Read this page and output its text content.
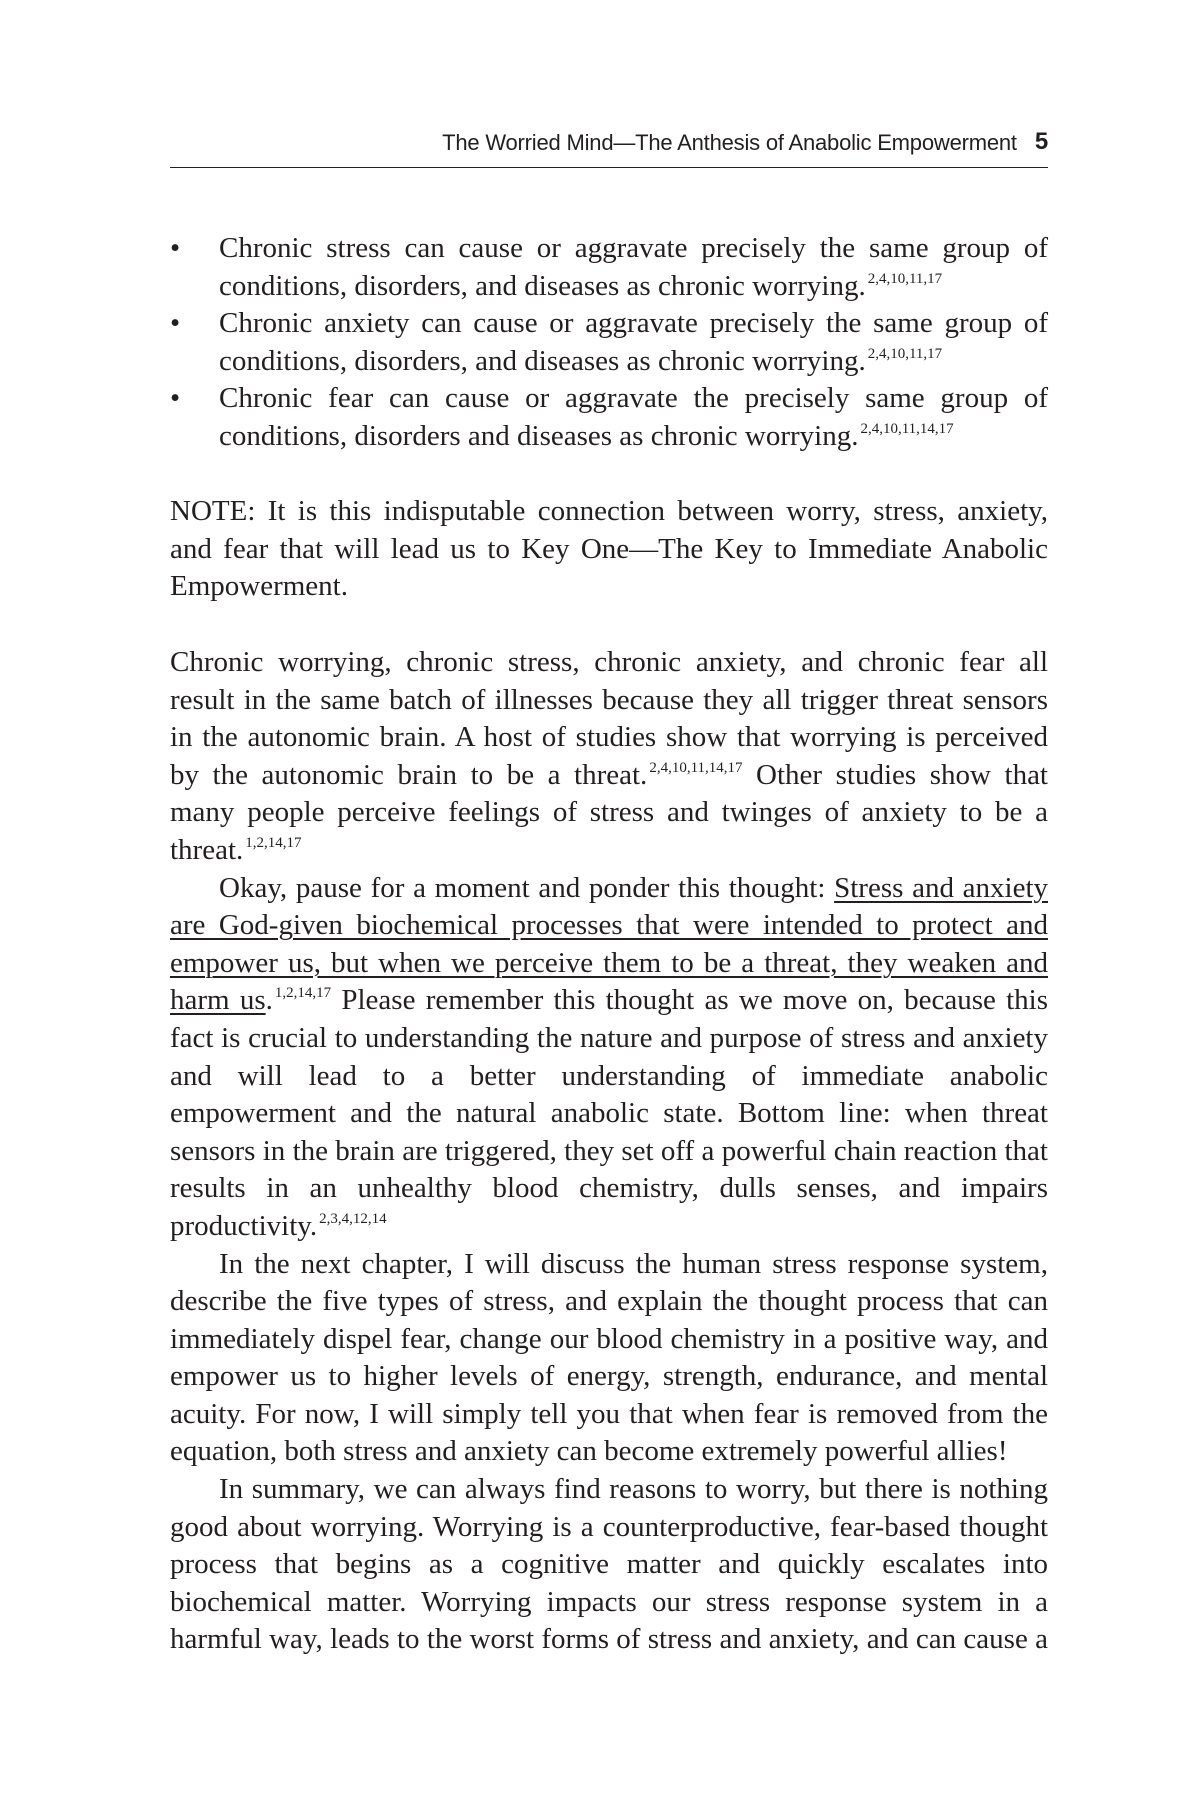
The Worried Mind—The Anthesis of Anabolic Empowerment 5
•	Chronic stress can cause or aggravate precisely the same group of conditions, disorders, and diseases as chronic worrying. $^{2,4,10,11,17}$
•	Chronic anxiety can cause or aggravate precisely the same group of conditions, disorders, and diseases as chronic worrying. $^{2,4,10,11,17}$
•	Chronic fear can cause or aggravate the precisely same group of conditions, disorders and diseases as chronic worrying. $^{2,4,10,11,14,17}$

NOTE: It is this indisputable connection between worry, stress, anxiety, and fear that will lead us to Key One—The Key to Immediate Anabolic Empowerment.

Chronic worrying, chronic stress, chronic anxiety, and chronic fear all result in the same batch of illnesses because they all trigger threat sensors in the autonomic brain. A host of studies show that worrying is perceived by the autonomic brain to be a threat. $^{2,4,10,11,14,17}$ Other studies show that many people perceive feelings of stress and twinges of anxiety to be a threat. $^{1,2,14,17}$

Okay, pause for a moment and ponder this thought: Stress and anxiety are God-given biochemical processes that were intended to protect and empower us, but when we perceive them to be a threat, they weaken and harm us. $^{1,2,14,17}$ Please remember this thought as we move on, because this fact is crucial to understanding the nature and purpose of stress and anxiety and will lead to a better understanding of immediate anabolic empowerment and the natural anabolic state. Bottom line: when threat sensors in the brain are triggered, they set off a powerful chain reaction that results in an unhealthy blood chemistry, dulls senses, and impairs productivity. $^{2,3,4,12,14}$

In the next chapter, I will discuss the human stress response system, describe the five types of stress, and explain the thought process that can immediately dispel fear, change our blood chemistry in a positive way, and empower us to higher levels of energy, strength, endurance, and mental acuity. For now, I will simply tell you that when fear is removed from the equation, both stress and anxiety can become extremely powerful allies!

In summary, we can always find reasons to worry, but there is nothing good about worrying. Worrying is a counterproductive, fear-based thought process that begins as a cognitive matter and quickly escalates into biochemical matter. Worrying impacts our stress response system in a harmful way, leads to the worst forms of stress and anxiety, and can cause a
